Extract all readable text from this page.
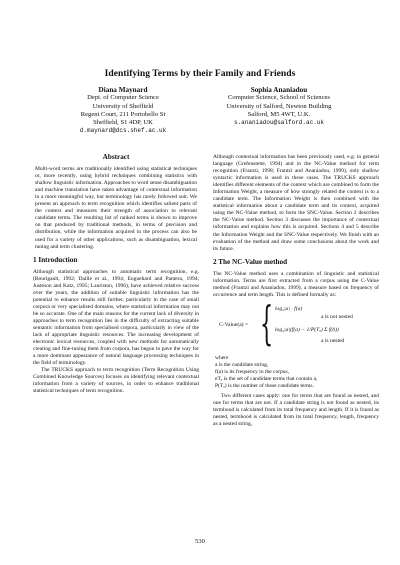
Identifying Terms by their Family and Friends
Diana Maynard
Dept. of Computer Science
University of Sheffield
Regent Court, 211 Portobello St
Sheffield, S1 4DP, UK
d.maynard@dcs.shef.ac.uk
Sophia Ananiadou
Computer Science, School of Sciences
University of Salford, Newton Building
Salford, M5 4WT, U.K.
s.ananiadou@salford.ac.uk

Abstract

Multi-word terms are traditionally identified using statistical techniques or, more recently, using hybrid techniques combining statistics with shallow linguistic information. Approaches to word sense disambiguation and machine translation have taken advantage of contextual information in a more meaningful way, but terminology has rarely followed suit. We present an approach to term recognition which identifies salient parts of the context and measures their strength of association to relevant candidate terms. The resulting list of ranked terms is shown to improve on that produced by traditional methods, in terms of precision and distribution, while the information acquired in the process can also be used for a variety of other applications, such as disambiguation, lexical tuning and term clustering.

1 Introduction

Although statistical approaches to automatic term recognition, e.g. (Bourigault, 1992; Daille et al., 1994; Enguehard and Pantera, 1994; Justeson and Katz, 1995; Lauriston, 1996), have achieved relative success over the years, the addition of suitable linguistic information has the potential to enhance results still further, particularly in the case of small corpora or very specialised domains, where statistical information may not be so accurate. One of the main reasons for the current lack of diversity in approaches to term recognition lies in the difficulty of extracting suitable semantic information from specialised corpora, particularly in view of the lack of appropriate linguistic resources. The increasing development of electronic lexical resources, coupled with new methods for automatically creating and fine-tuning them from corpora, has begun to pave the way for a more dominant appearance of natural language processing techniques in the field of terminology.

The TRUCKS approach to term recognition (Term Recognition Using Combined Knowledge Sources) focuses on identifying relevant contextual information from a variety of sources, in order to enhance traditional statistical techniques of term recognition.

Although contextual information has been previously used, e.g. in general language (Grefenstette, 1994) and in the NC-Value method for term recognition (Frantzi, 1998; Frantzi and Ananiadou, 1999), only shallow syntactic information is used in these cases. The TRUCKS approach identifies different elements of the context which are combined to form the Information Weight, a measure of how strongly related the context is to a candidate term. The Information Weight is then combined with the statistical information about a candidate term and its context, acquired using the NC-Value method, to form the SNC-Value. Section 2 describes the NC-Value method. Section 3 discusses the importance of contextual information and explains how this is acquired. Sections 4 and 5 describe the Information Weight and the SNC-Value respectively. We finish with an evaluation of the method and draw some conclusions about the work and its future.

2 The NC-Value method

The NC-Value method uses a combination of linguistic and statistical information. Terms are first extracted from a corpus using the C-Value method (Frantzi and Ananiadou, 1999), a measure based on frequency of occurrence and term length. This is defined formally as:

C-Value(a) = { log₂|a| · f(a)
a is not nested
log₂|a|(f(a) − 1/P(Tₐ) Σ f(b))
a is nested
where
a is the candidate string,
f(a) is its frequency in the corpus,
eTₐ is the set of candidate terms that contain a,
P(Tₐ) is the number of these candidate terms.

Two different cases apply: one for terms that are found as nested, and one for terms that are not. If a candidate string is not found as nested, its termhood is calculated from its total frequency and length. If it is found as nested, termhood is calculated from its total frequency, length, frequency as a nested string,

530
